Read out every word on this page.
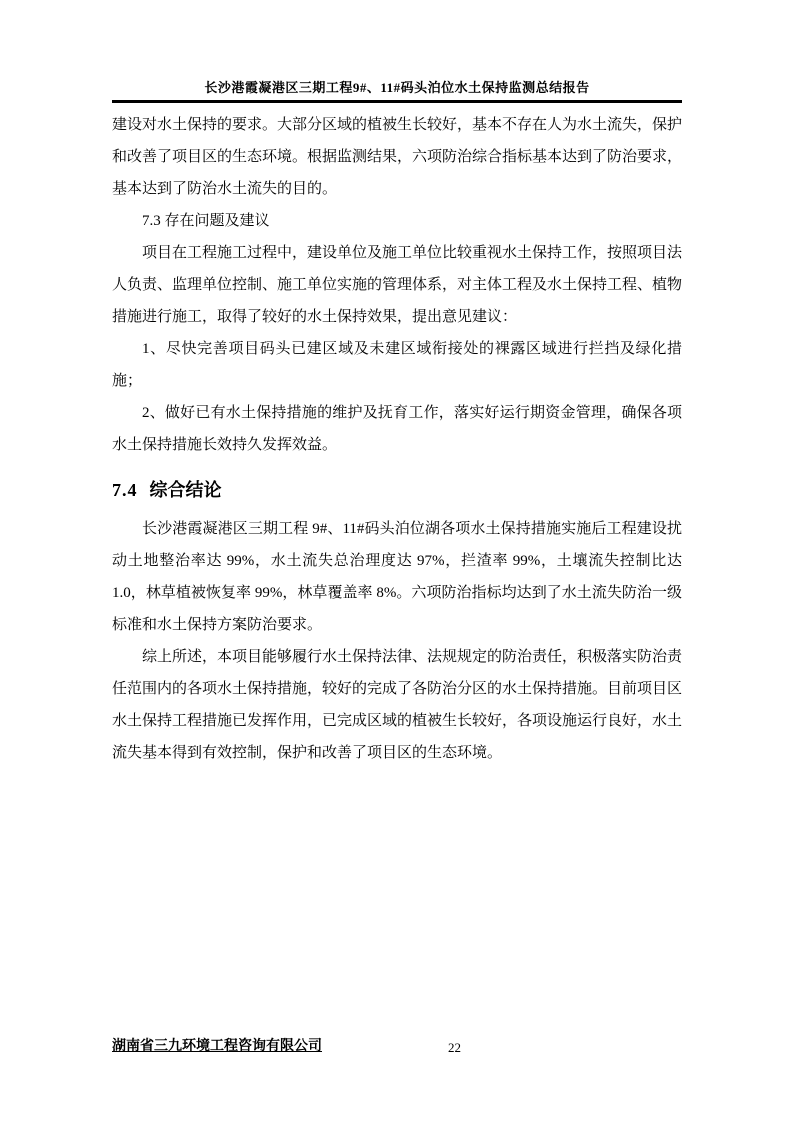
长沙港霞凝港区三期工程9#、11#码头泊位水土保持监测总结报告

建设对水土保持的要求。大部分区域的植被生长较好，基本不存在人为水土流失，保护和改善了项目区的生态环境。根据监测结果，六项防治综合指标基本达到了防治要求，基本达到了防治水土流失的目的。

7.3 存在问题及建议

项目在工程施工过程中，建设单位及施工单位比较重视水土保持工作，按照项目法人负责、监理单位控制、施工单位实施的管理体系，对主体工程及水土保持工程、植物措施进行施工，取得了较好的水土保持效果，提出意见建议：

1、尽快完善项目码头已建区域及未建区域衔接处的裸露区域进行拦挡及绿化措施；

2、做好已有水土保持措施的维护及抚育工作，落实好运行期资金管理，确保各项水土保持措施长效持久发挥效益。

7.4 综合结论

长沙港霞凝港区三期工程 9#、11#码头泊位湖各项水土保持措施实施后工程建设扰动土地整治率达 99%，水土流失总治理度达 97%，拦渣率 99%，土壤流失控制比达 1.0，林草植被恢复率 99%，林草覆盖率 8%。六项防治指标均达到了水土流失防治一级标准和水土保持方案防治要求。

综上所述，本项目能够履行水土保持法律、法规规定的防治责任，积极落实防治责任范围内的各项水土保持措施，较好的完成了各防治分区的水土保持措施。目前项目区水土保持工程措施已发挥作用，已完成区域的植被生长较好，各项设施运行良好，水土流失基本得到有效控制，保护和改善了项目区的生态环境。

湖南省三九环境工程咨询有限公司	22
